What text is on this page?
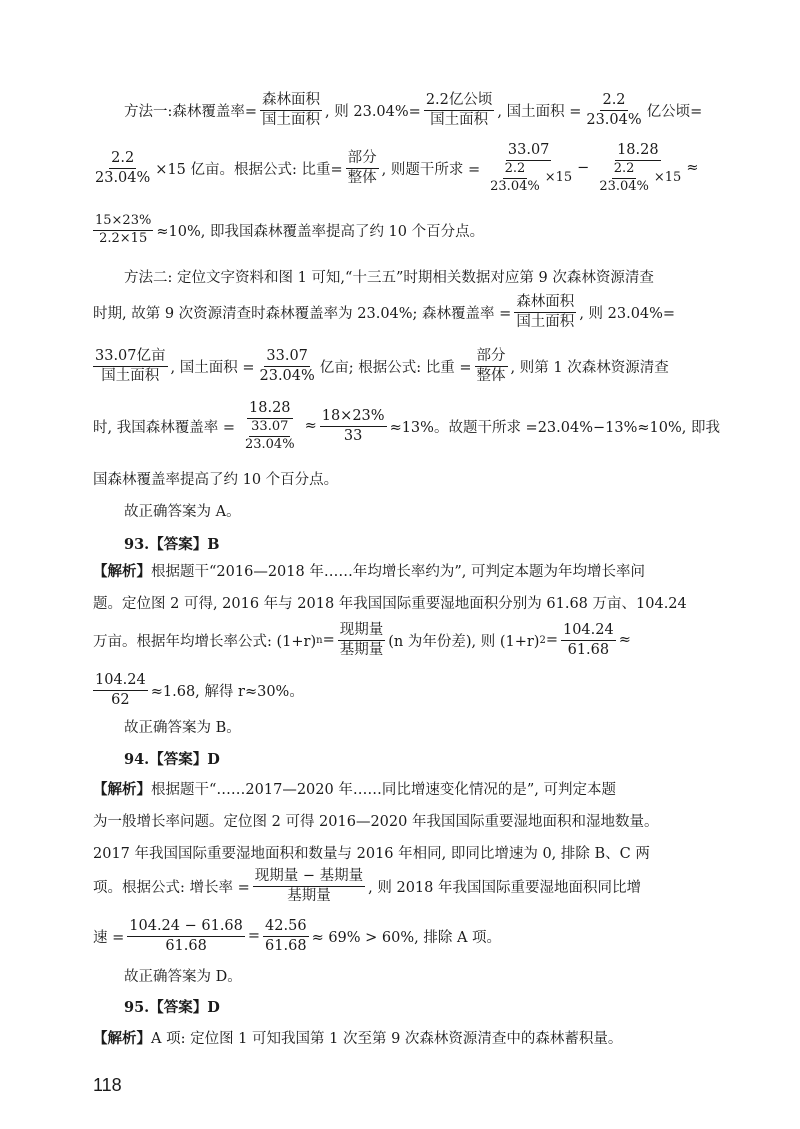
方法一:森林覆盖率= $\frac{\text{森林面积}}{\text{国土面积}}$ , 则 $23.04\%= \frac{\text{2.2亿公顷}}{\text{国土面积}}$ , 国土面积 = $\frac{2.2}{23.04\%}$ 亿公顷=
$\frac{2.2}{23.04\%} \times 15$ 亿亩。根据公式: 比重= $\frac{\text{部分}}{\text{整体}}$ , 则题干所求 = $\frac{33.07}{\frac{2.2}{23.04\%} \times 15} - \frac{18.28}{\frac{2.2}{23.04\%} \times 15}$ ≈
$\frac{15\times 23\%}{2.2\times 15} \approx 10\%$, 即我国森林覆盖率提高了约 10 个百分点。
方法二: 定位文字资料和图 1 可知,“十三五”时期相关数据对应第 9 次森林资源清查
时期, 故第 9 次资源清查时森林覆盖率为 23.04%; 森林覆盖率 = $\frac{\text{森林面积}}{\text{国土面积}}$ , 则 23.04%=
$\frac{\text{33.07亿亩}}{\text{国土面积}}$ , 国土面积 = $\frac{33.07}{23.04\%}$ 亿亩; 根据公式: 比重 = $\frac{\text{部分}}{\text{整体}}$ , 则第 1 次森林资源清查
时, 我国森林覆盖率 = $\frac{18.28}{\frac{33.07}{23.04\%}} \approx \frac{18\times 23\%}{33} \approx 13\%$。故题干所求 =23.04%−13%≈10%, 即我
国森林覆盖率提高了约 10 个百分点。
故正确答案为 A。
93.【答案】B
【解析】 根据题干“2016—2018 年……年均增长率约为”, 可判定本题为年均增长率问
题。定位图 2 可得, 2016 年与 2018 年我国国际重要湿地面积分别为 61.68 万亩、104.24
万亩。根据年均增长率公式: (1+r) $n = \frac{\text{现期量}}{\text{基期量}} (n$ 为年份差), 则 (1+r) $2 = \frac{104.24}{61.68}$ ≈
$\frac{104.24}{62} \approx 1.68$, 解得 r≈30%。
故正确答案为 B。
94.【答案】D
【解析】 根据题干“……2017—2020 年……同比增速变化情况的是”, 可判定本题
为一般增长率问题。定位图 2 可得 2016—2020 年我国国际重要湿地面积和湿地数量。
2017 年我国国际重要湿地面积和数量与 2016 年相同, 即同比增速为 0, 排除 B、C 两
项。根据公式: 增长率 = $\frac{\text{现期量 − 基期量}}{\text{基期量}}$ , 则 2018 年我国国际重要湿地面积同比增
速 = $\frac{104.24 - 61.68}{61.68} = \frac{42.56}{61.68} \approx 69\% > 60\%$, 排除 A 项。
故正确答案为 D。
95.【答案】D
【解析】 A 项: 定位图 1 可知我国第 1 次至第 9 次森林资源清查中的森林蓄积量。
118
